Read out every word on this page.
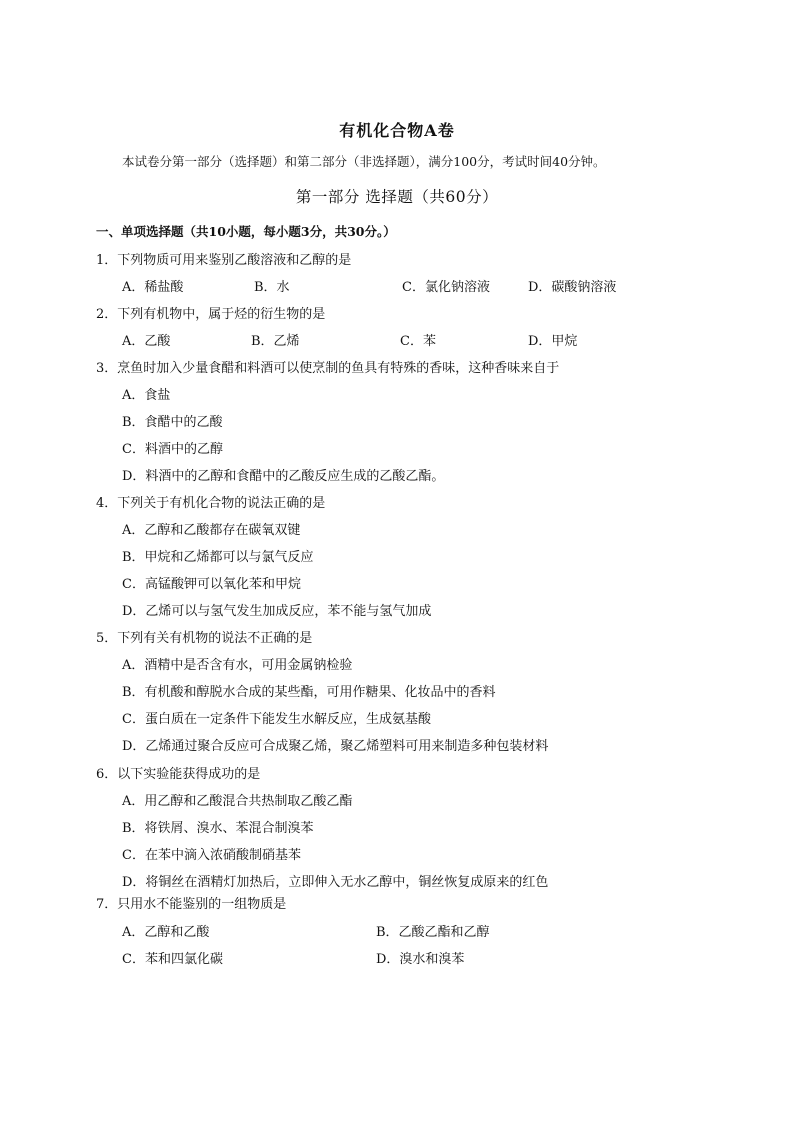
有机化合物A卷
本试卷分第一部分（选择题）和第二部分（非选择题），满分100分，考试时间40分钟。
第一部分 选择题（共60分）
一、单项选择题（共10小题，每小题3分，共30分。）
1．下列物质可用来鉴别乙酸溶液和乙醇的是
A．稀盐酸	B．水	C．氯化钠溶液	D．碳酸钠溶液
2．下列有机物中，属于烃的衍生物的是
A．乙酸	B．乙烯	C．苯	D．甲烷
3．烹鱼时加入少量食醋和料酒可以使烹制的鱼具有特殊的香味，这种香味来自于
A．食盐
B．食醋中的乙酸
C．料酒中的乙醇
D．料酒中的乙醇和食醋中的乙酸反应生成的乙酸乙酯。
4．下列关于有机化合物的说法正确的是
A．乙醇和乙酸都存在碳氧双键
B．甲烷和乙烯都可以与氯气反应
C．高锰酸钾可以氧化苯和甲烷
D．乙烯可以与氢气发生加成反应，苯不能与氢气加成
5．下列有关有机物的说法不正确的是
A．酒精中是否含有水，可用金属钠检验
B．有机酸和醇脱水合成的某些酯，可用作糖果、化妆品中的香料
C．蛋白质在一定条件下能发生水解反应，生成氨基酸
D．乙烯通过聚合反应可合成聚乙烯，聚乙烯塑料可用来制造多种包装材料
6．以下实验能获得成功的是
A．用乙醇和乙酸混合共热制取乙酸乙酯
B．将铁屑、溴水、苯混合制溴苯
C．在苯中滴入浓硝酸制硝基苯
D．将铜丝在酒精灯加热后，立即伸入无水乙醇中，铜丝恢复成原来的红色
7．只用水不能鉴别的一组物质是
A．乙醇和乙酸	B．乙酸乙酯和乙醇
C．苯和四氯化碳	D．溴水和溴苯
